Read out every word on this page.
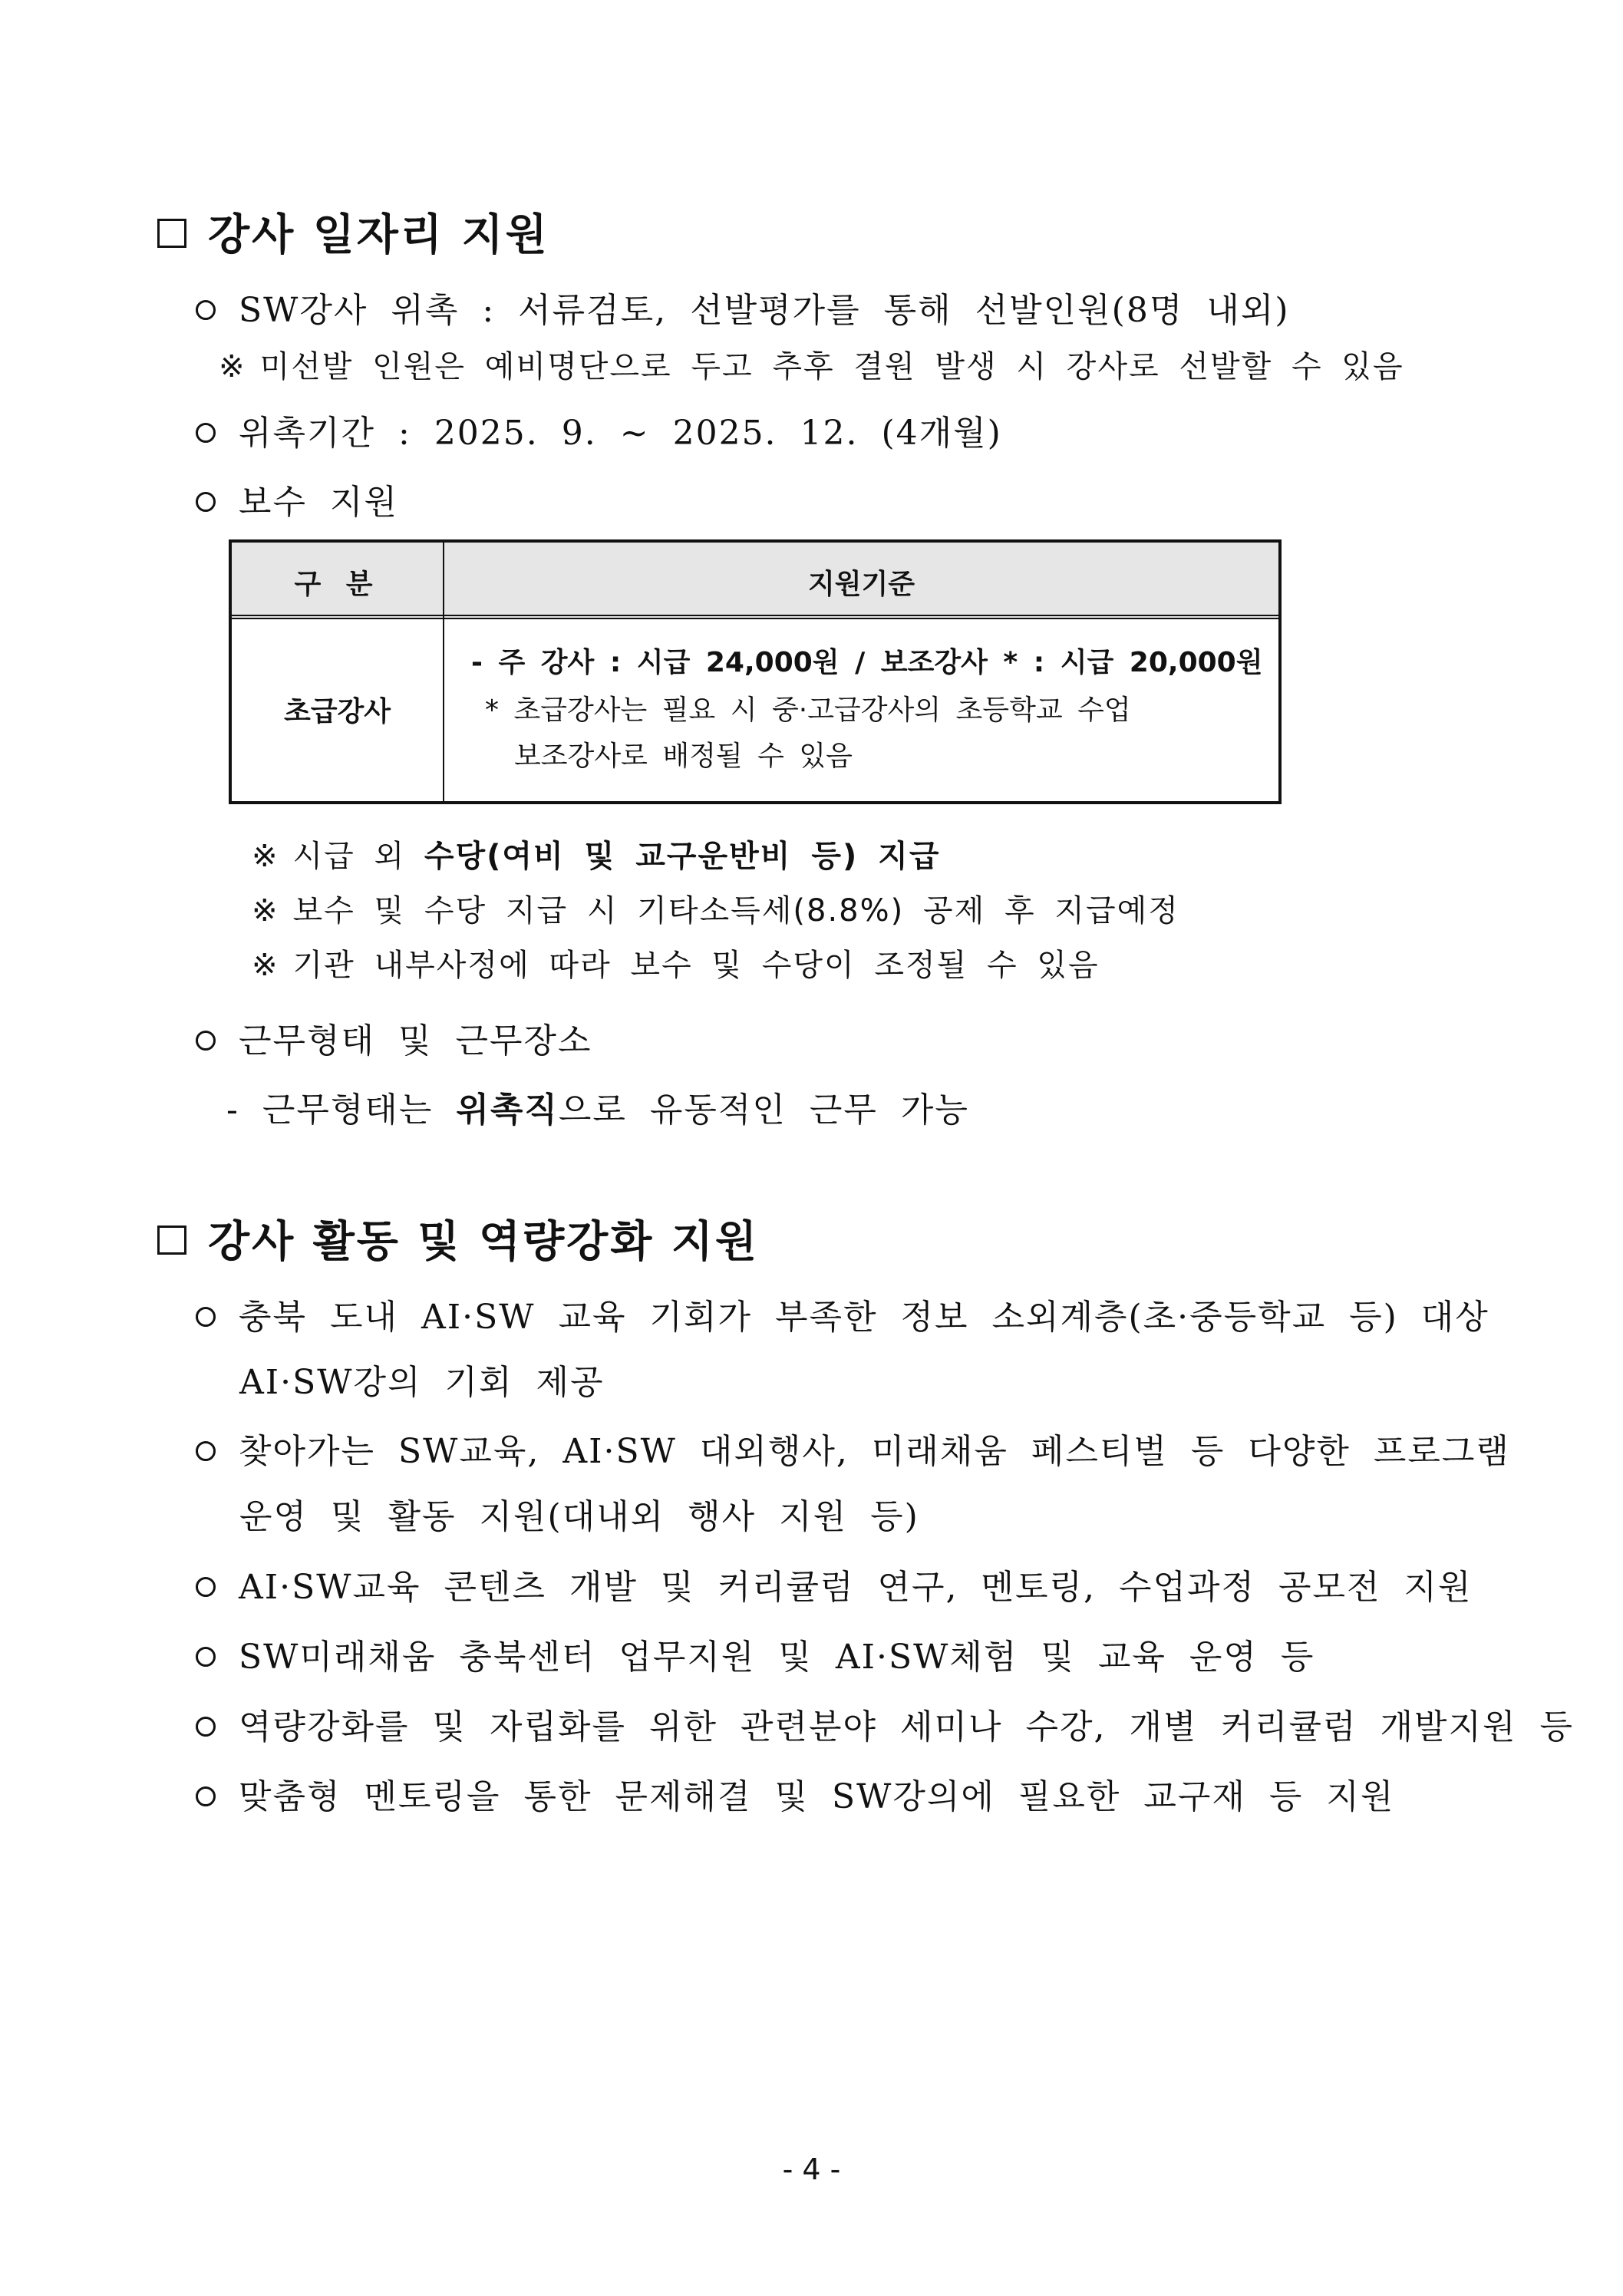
강사 일자리 지원
SW강사 위촉 : 서류검토, 선발평가를 통해 선발인원(8명 내외)
※ 미선발 인원은 예비명단으로 두고 추후 결원 발생 시 강사로 선발할 수 있음
위촉기간 : 2025. 9. ~ 2025. 12. (4개월)
보수 지원
구 분	지원기준
초급강사
- 주 강사 : 시급 24,000원 / 보조강사 * : 시급 20,000원
* 초급강사는 필요 시 중·고급강사의 초등학교 수업
보조강사로 배정될 수 있음
※ 시급 외 수당(여비 및 교구운반비 등) 지급
※ 보수 및 수당 지급 시 기타소득세(8.8%) 공제 후 지급예정
※ 기관 내부사정에 따라 보수 및 수당이 조정될 수 있음
근무형태 및 근무장소
- 근무형태는 위촉직으로 유동적인 근무 가능
강사 활동 및 역량강화 지원
충북 도내 AI·SW 교육 기회가 부족한 정보 소외계층(초·중등학교 등) 대상
AI·SW강의 기회 제공
찾아가는 SW교육, AI·SW 대외행사, 미래채움 페스티벌 등 다양한 프로그램
운영 및 활동 지원(대내외 행사 지원 등)
AI·SW교육 콘텐츠 개발 및 커리큘럼 연구, 멘토링, 수업과정 공모전 지원
SW미래채움 충북센터 업무지원 및 AI·SW체험 및 교육 운영 등
역량강화를 및 자립화를 위한 관련분야 세미나 수강, 개별 커리큘럼 개발지원 등
맞춤형 멘토링을 통한 문제해결 및 SW강의에 필요한 교구재 등 지원
- 4 -
